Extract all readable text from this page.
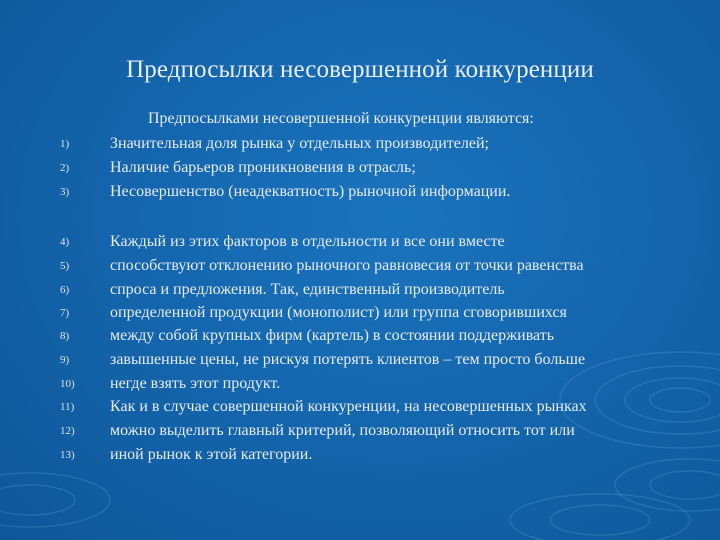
Предпосылки несовершенной конкуренции
Предпосылками несовершенной конкуренции являются:
1)	Значительная доля рынка у отдельных производителей;
2)	Наличие барьеров проникновения в отрасль;
3)	Несовершенство (неадекватность) рыночной информации.
4)	Каждый из этих факторов в отдельности и все они вместе
5)	способствуют отклонению рыночного равновесия от точки равенства
6)	спроса и предложения. Так, единственный производитель
7)	определенной продукции (монополист) или группа сговорившихся
8)	между собой крупных фирм (картель) в состоянии поддерживать
9)	завышенные цены, не рискуя потерять клиентов – тем просто больше
10) негде взять этот продукт.
11) Как и в случае совершенной конкуренции, на несовершенных рынках
12) можно выделить главный критерий, позволяющий относить тот или
13) иной рынок к этой категории.
